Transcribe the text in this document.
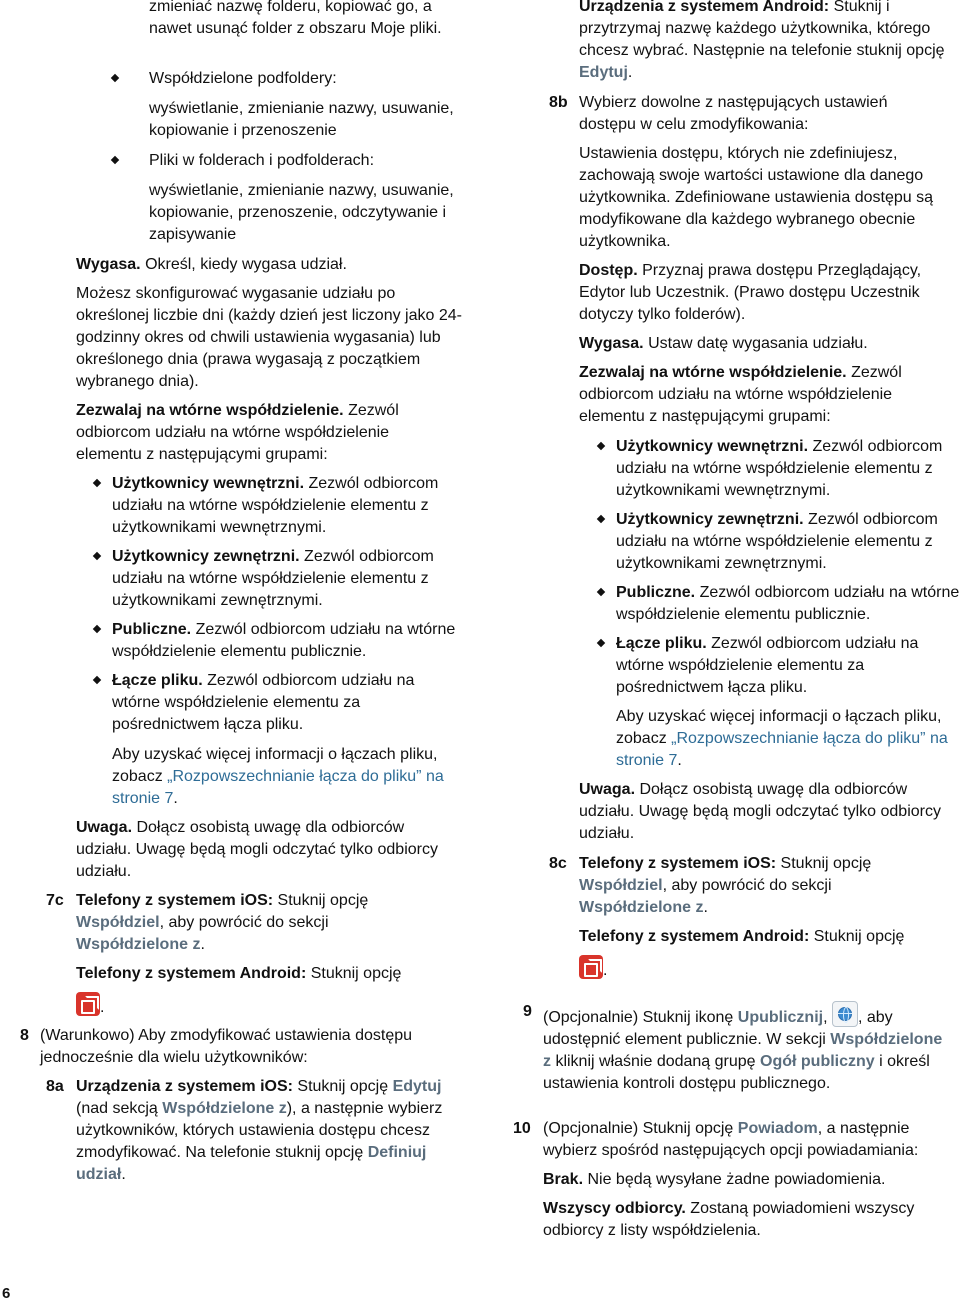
zmieniać nazwę folderu, kopiować go, a nawet usunąć folder z obszaru Moje pliki.
Współdzielone podfoldery:
wyświetlanie, zmienianie nazwy, usuwanie, kopiowanie i przenoszenie
Pliki w folderach i podfolderach:
wyświetlanie, zmienianie nazwy, usuwanie, kopiowanie, przenoszenie, odczytywanie i zapisywanie
Wygasa. Określ, kiedy wygasa udział.
Możesz skonfigurować wygasanie udziału po określonej liczbie dni (każdy dzień jest liczony jako 24-godzinny okres od chwili ustawienia wygasania) lub określonego dnia (prawa wygasają z początkiem wybranego dnia).
Zezwalaj na wtórne współdzielenie. Zezwól odbiorcom udziału na wtórne współdzielenie elementu z następującymi grupami:
Użytkownicy wewnętrzni. Zezwól odbiorcom udziału na wtórne współdzielenie elementu z użytkownikami wewnętrznymi.
Użytkownicy zewnętrzni. Zezwól odbiorcom udziału na wtórne współdzielenie elementu z użytkownikami zewnętrznymi.
Publiczne. Zezwól odbiorcom udziału na wtórne współdzielenie elementu publicznie.
Łącze pliku. Zezwól odbiorcom udziału na wtórne współdzielenie elementu za pośrednictwem łącza pliku.
Aby uzyskać więcej informacji o łączach pliku, zobacz „Rozpowszechnianie łącza do pliku” na stronie 7.
Uwaga. Dołącz osobistą uwagę dla odbiorców udziału. Uwagę będą mogli odczytać tylko odbiorcy udziału.
7c Telefony z systemem iOS: Stuknij opcję Współdziel, aby powrócić do sekcji Współdzielone z.
Telefony z systemem Android: Stuknij opcję
.
8 (Warunkowo) Aby zmodyfikować ustawienia dostępu jednocześnie dla wielu użytkowników:
8a Urządzenia z systemem iOS: Stuknij opcję Edytuj (nad sekcją Współdzielone z), a następnie wybierz użytkowników, których ustawienia dostępu chcesz zmodyfikować. Na telefonie stuknij opcję Definiuj udział.
Urządzenia z systemem Android: Stuknij i przytrzymaj nazwę każdego użytkownika, którego chcesz wybrać. Następnie na telefonie stuknij opcję Edytuj.
8b Wybierz dowolne z następujących ustawień dostępu w celu zmodyfikowania:
Ustawienia dostępu, których nie zdefiniujesz, zachowają swoje wartości ustawione dla danego użytkownika. Zdefiniowane ustawienia dostępu są modyfikowane dla każdego wybranego obecnie użytkownika.
Dostęp. Przyznaj prawa dostępu Przeglądający, Edytor lub Uczestnik. (Prawo dostępu Uczestnik dotyczy tylko folderów).
Wygasa. Ustaw datę wygasania udziału.
Zezwalaj na wtórne współdzielenie. Zezwól odbiorcom udziału na wtórne współdzielenie elementu z następującymi grupami:
Użytkownicy wewnętrzni. Zezwól odbiorcom udziału na wtórne współdzielenie elementu z użytkownikami wewnętrznymi.
Użytkownicy zewnętrzni. Zezwól odbiorcom udziału na wtórne współdzielenie elementu z użytkownikami zewnętrznymi.
Publiczne. Zezwól odbiorcom udziału na wtórne współdzielenie elementu publicznie.
Łącze pliku. Zezwól odbiorcom udziału na wtórne współdzielenie elementu za pośrednictwem łącza pliku.
Aby uzyskać więcej informacji o łączach pliku, zobacz „Rozpowszechnianie łącza do pliku” na stronie 7.
Uwaga. Dołącz osobistą uwagę dla odbiorców udziału. Uwagę będą mogli odczytać tylko odbiorcy udziału.
8c Telefony z systemem iOS: Stuknij opcję Współdziel, aby powrócić do sekcji Współdzielone z.
Telefony z systemem Android: Stuknij opcję
.
9 (Opcjonalnie) Stuknij ikonę Upublicznij,
, aby udostępnić element publicznie. W sekcji Współdzielone z kliknij właśnie dodaną grupę Ogół publiczny i określ ustawienia kontroli dostępu publicznego.
10 (Opcjonalnie) Stuknij opcję Powiadom, a następnie wybierz spośród następujących opcji powiadamiania:
Brak. Nie będą wysyłane żadne powiadomienia.
Wszyscy odbiorcy. Zostaną powiadomieni wszyscy odbiorcy z listy współdzielenia.
6
